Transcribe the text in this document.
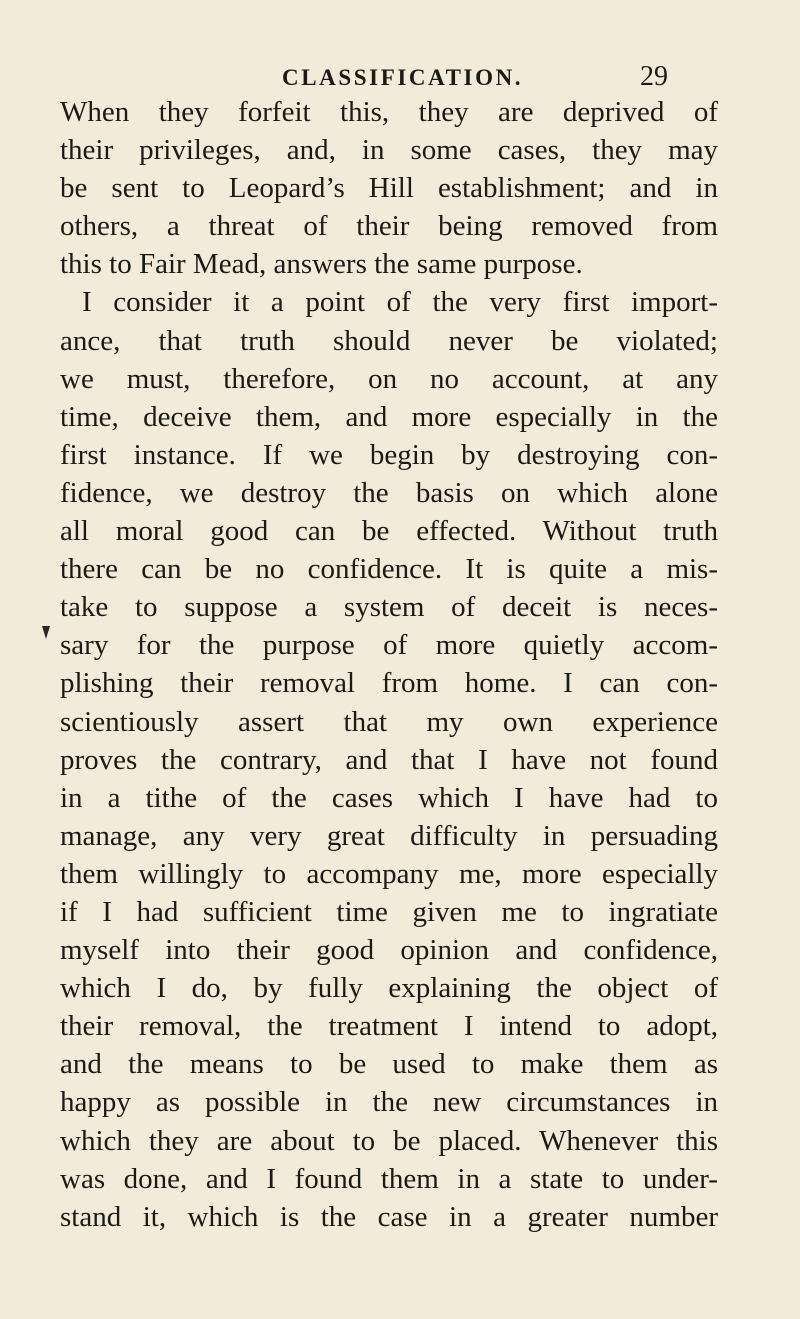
CLASSIFICATION.	29
When they forfeit this, they are deprived of
their privileges, and, in some cases, they may
be sent to Leopard’s Hill establishment; and in
others, a threat of their being removed from
this to Fair Mead, answers the same purpose.
I consider it a point of the very first import-
ance, that truth should never be violated;
we must, therefore, on no account, at any
time, deceive them, and more especially in the
first instance. If we begin by destroying con-
fidence, we destroy the basis on which alone
all moral good can be effected. Without truth
there can be no confidence. It is quite a mis-
take to suppose a system of deceit is neces-
sary for the purpose of more quietly accom-
plishing their removal from home. I can con-
scientiously assert that my own experience
proves the contrary, and that I have not found
in a tithe of the cases which I have had to
manage, any very great difficulty in persuading
them willingly to accompany me, more especially
if I had sufficient time given me to ingratiate
myself into their good opinion and confidence,
which I do, by fully explaining the object of
their removal, the treatment I intend to adopt,
and the means to be used to make them as
happy as possible in the new circumstances in
which they are about to be placed. Whenever this
was done, and I found them in a state to under-
stand it, which is the case in a greater number
